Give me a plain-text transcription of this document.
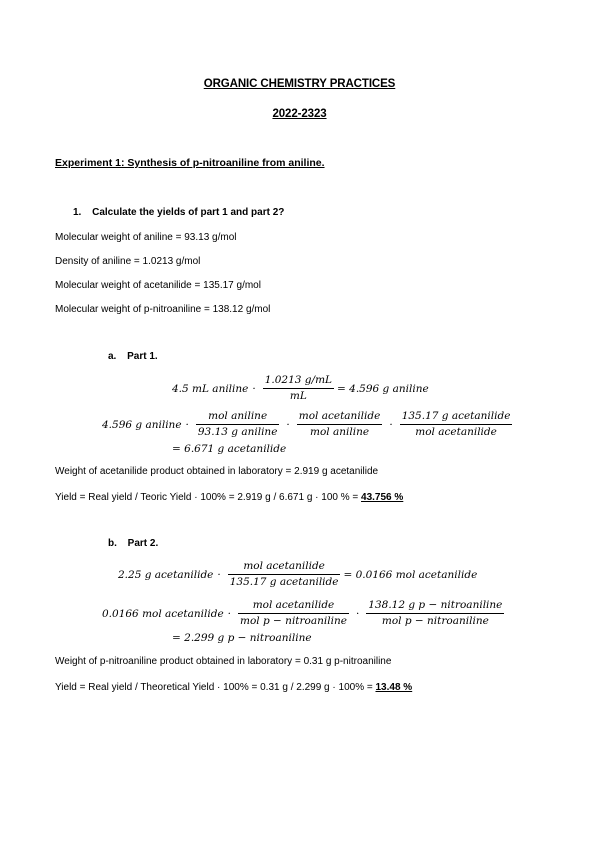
ORGANIC CHEMISTRY PRACTICES
2022-2323
Experiment 1: Synthesis of p-nitroaniline from aniline.
1. Calculate the yields of part 1 and part 2?
Molecular weight of aniline = 93.13 g/mol
Density of aniline = 1.0213 g/mol
Molecular weight of acetanilide = 135.17 g/mol
Molecular weight of p-nitroaniline = 138.12 g/mol
a. Part 1.
4.5 mL aniline · $\frac{1.0213 g/mL}{mL} = 4.596$ g aniline
4.596 g aniline · $\frac{\text{mol aniline}}{\text{93.13 g aniline}} \cdot \frac{\text{mol acetanilide}}{\text{mol aniline}} \cdot \frac{\text{135.17 g acetanilide}}{\text{mol acetanilide}}$
= 6.671 g acetanilide
Weight of acetanilide product obtained in laboratory = 2.919 g acetanilide
Yield = Real yield / Teoric Yield · 100% = 2.919 g / 6.671 g · 100 % = 43.756 %
b. Part 2.
2.25 g acetanilide · $\frac{\text{mol acetanilide}}{\text{135.17 g acetanilide}} = 0.0166$ mol acetanilide
0.0166 mol acetanilide · $\frac{\text{mol acetanilide}}{\text{mol p − nitroaniline}} \cdot \frac{\text{138.12 g p − nitroaniline}}{\text{mol p − nitroaniline}}$
= 2.299 g p − nitroaniline
Weight of p-nitroaniline product obtained in laboratory = 0.31 g p-nitroaniline
Yield = Real yield / Theoretical Yield · 100% = 0.31 g / 2.299 g · 100% = 13.48 %
